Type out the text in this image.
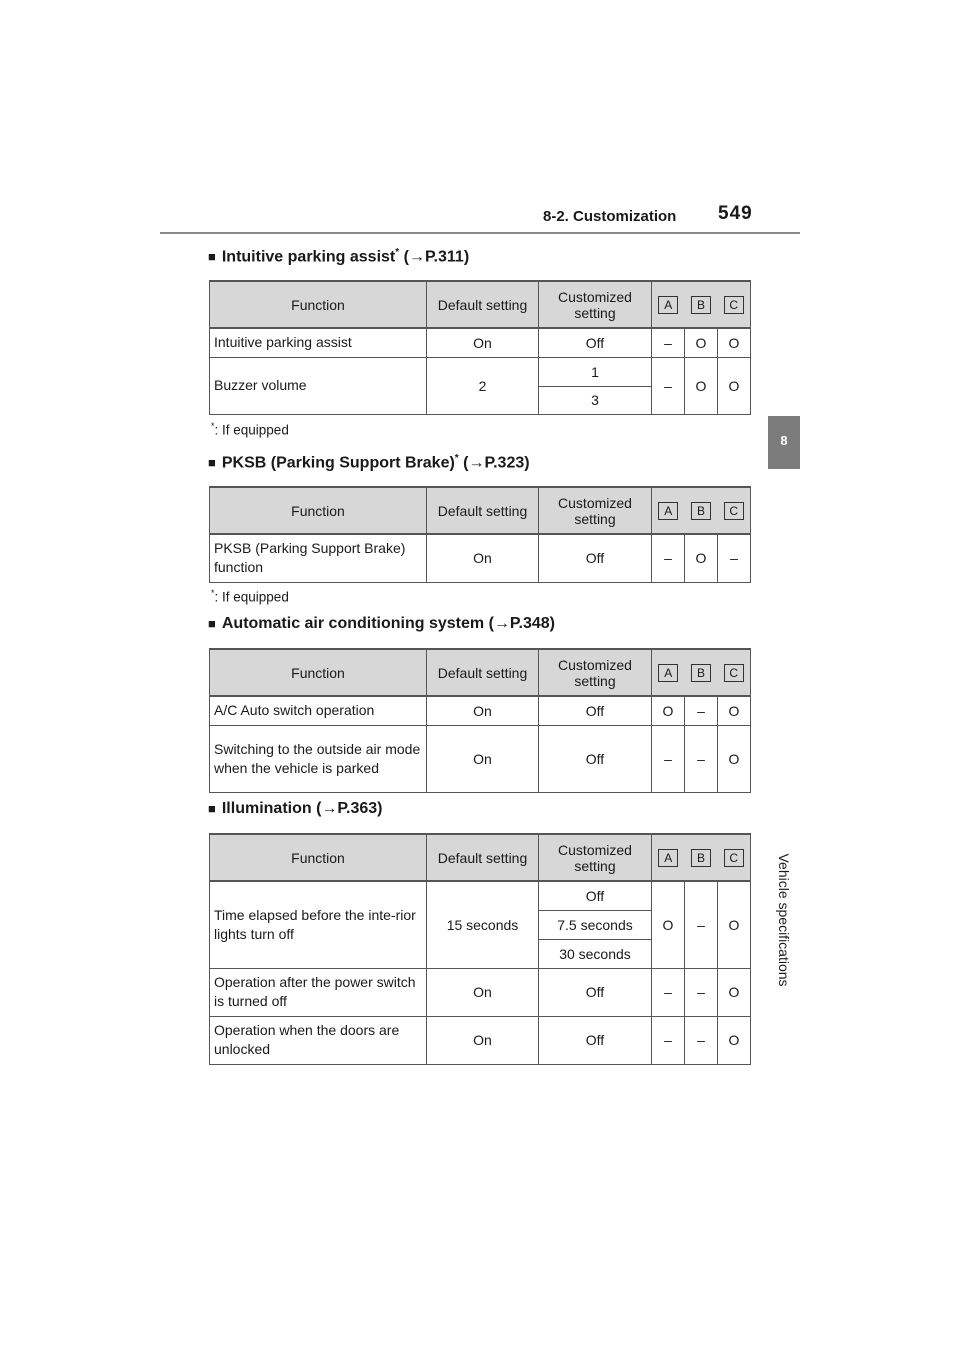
8-2. Customization 549
8
Vehicle specifications
■ Intuitive parking assist* (→P.311)
Function	Default setting	Customized setting	A	B	C
Intuitive parking assist	On	Off	–	O	O
Buzzer volume	2	1	–	O	O
		3			
*: If equipped
■ PKSB (Parking Support Brake)* (→P.323)
Function	Default setting	Customized setting	A	B	C
PKSB (Parking Support Brake) function	On	Off	–	O	–
*: If equipped
■ Automatic air conditioning system (→P.348)
Function	Default setting	Customized setting	A	B	C
A/C Auto switch operation	On	Off	O	–	O
Switching to the outside air mode when the vehicle is parked	On	Off	–	–	O
■ Illumination (→P.363)
Function	Default setting	Customized setting	A	B	C
Time elapsed before the inte-rior lights turn off	15 seconds	Off	O	–	O
		7.5 seconds			
		30 seconds			
Operation after the power switch is turned off	On	Off	–	–	O
Operation when the doors are unlocked	On	Off	–	–	O
